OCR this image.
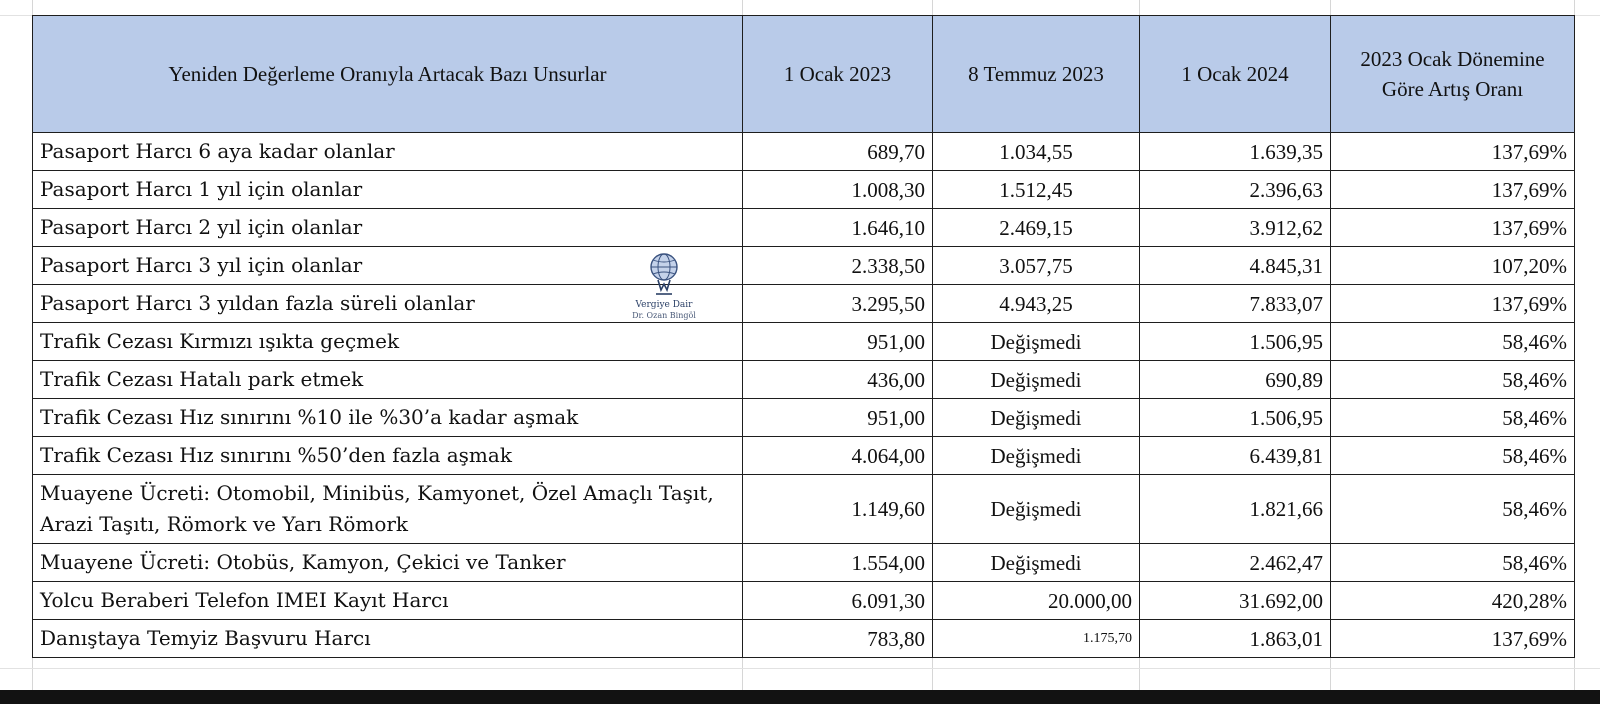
Yeniden Değerleme Oranıyla Artacak Bazı Unsurlar	1 Ocak 2023	8 Temmuz 2023	1 Ocak 2024	2023 Ocak Dönemine Göre Artış Oranı
Pasaport Harcı 6 aya kadar olanlar	689,70	1.034,55	1.639,35	137,69%
Pasaport Harcı 1 yıl için olanlar	1.008,30	1.512,45	2.396,63	137,69%
Pasaport Harcı 2 yıl için olanlar	1.646,10	2.469,15	3.912,62	137,69%
Pasaport Harcı 3 yıl için olanlar	2.338,50	3.057,75	4.845,31	107,20%
Pasaport Harcı 3 yıldan fazla süreli olanlar	3.295,50	4.943,25	7.833,07	137,69%
Trafik Cezası Kırmızı ışıkta geçmek	951,00	Değişmedi	1.506,95	58,46%
Trafik Cezası Hatalı park etmek	436,00	Değişmedi	690,89	58,46%
Trafik Cezası Hız sınırını %10 ile %30’a kadar aşmak	951,00	Değişmedi	1.506,95	58,46%
Trafik Cezası Hız sınırını %50’den fazla aşmak	4.064,00	Değişmedi	6.439,81	58,46%
Muayene Ücreti: Otomobil, Minibüs, Kamyonet, Özel Amaçlı Taşıt, Arazi Taşıtı, Römork ve Yarı Römork	1.149,60	Değişmedi	1.821,66	58,46%
Muayene Ücreti: Otobüs, Kamyon, Çekici ve Tanker	1.554,00	Değişmedi	2.462,47	58,46%
Yolcu Beraberi Telefon IMEI Kayıt Harcı	6.091,30	20.000,00	31.692,00	420,28%
Danıştaya Temyiz Başvuru Harcı	783,80	1.175,70	1.863,01	137,69%
Vergiye Dair
Dr. Ozan Bingöl
